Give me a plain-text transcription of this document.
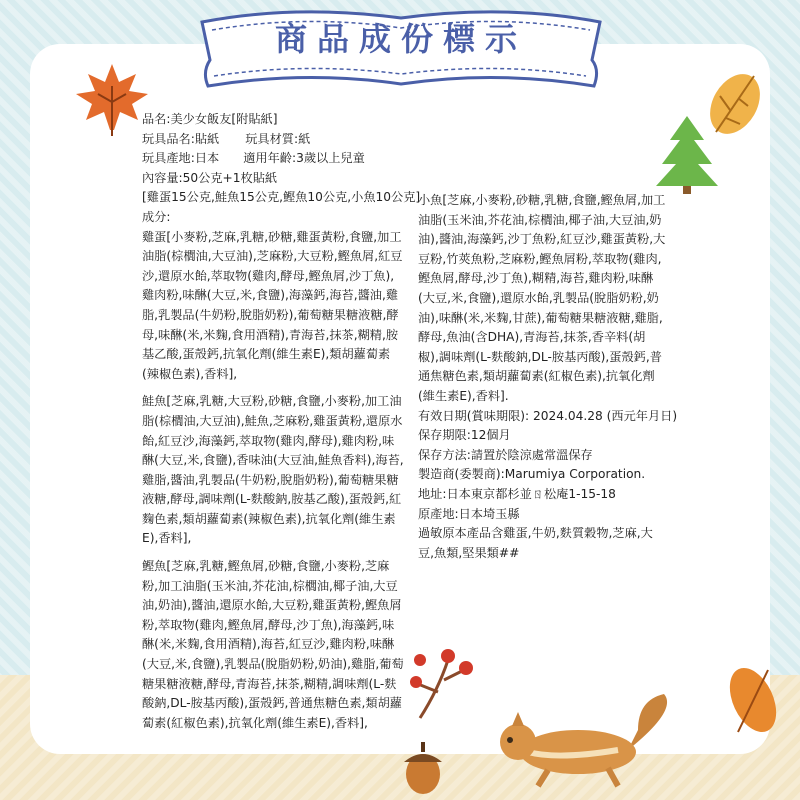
商品成份標示
品名:美少女飯友[附貼紙]
玩具品名:貼紙 玩具材質:紙
玩具產地:日本 適用年齡:3歲以上兒童
內容量:50公克+1枚貼紙
[雞蛋15公克,鮭魚15公克,鰹魚10公克,小魚10公克]
成分:
雞蛋[小麥粉,芝麻,乳糖,砂糖,雞蛋黃粉,食鹽,加工油脂(棕櫚油,大豆油),芝麻粉,大豆粉,鰹魚屑,紅豆沙,還原水飴,萃取物(雞肉,酵母,鰹魚屑,沙丁魚),雞肉粉,味醂(大豆,米,食鹽),海藻鈣,海苔,醬油,雞脂,乳製品(牛奶粉,脫脂奶粉),葡萄糖果糖液糖,酵母,味醂(米,米麴,食用酒精),青海苔,抹茶,糊精,胺基乙酸,蛋殼鈣,抗氧化劑(維生素E),類胡蘿蔔素(辣椒色素),香料],
鮭魚[芝麻,乳糖,大豆粉,砂糖,食鹽,小麥粉,加工油脂(棕櫚油,大豆油),鮭魚,芝麻粉,雞蛋黃粉,還原水飴,紅豆沙,海藻鈣,萃取物(雞肉,酵母),雞肉粉,味醂(大豆,米,食鹽),香味油(大豆油,鮭魚香料),海苔,雞脂,醬油,乳製品(牛奶粉,脫脂奶粉),葡萄糖果糖液糖,酵母,調味劑(L-麩酸鈉,胺基乙酸),蛋殼鈣,紅麴色素,類胡蘿蔔素(辣椒色素),抗氧化劑(維生素E),香料],
鰹魚[芝麻,乳糖,鰹魚屑,砂糖,食鹽,小麥粉,芝麻粉,加工油脂(玉米油,芥花油,棕櫚油,椰子油,大豆油,奶油),醬油,還原水飴,大豆粉,雞蛋黃粉,鰹魚屑粉,萃取物(雞肉,鰹魚屑,酵母,沙丁魚),海藻鈣,味醂(米,米麴,食用酒精),海苔,紅豆沙,雞肉粉,味醂(大豆,米,食鹽),乳製品(脫脂奶粉,奶油),雞脂,葡萄糖果糖液糖,酵母,青海苔,抹茶,糊精,調味劑(L-麩酸鈉,DL-胺基丙酸),蛋殼鈣,普通焦糖色素,類胡蘿蔔素(紅椒色素),抗氧化劑(維生素E),香料],
小魚[芝麻,小麥粉,砂糖,乳糖,食鹽,鰹魚屑,加工油脂(玉米油,芥花油,棕櫚油,椰子油,大豆油,奶油),醬油,海藻鈣,沙丁魚粉,紅豆沙,雞蛋黃粉,大豆粉,竹莢魚粉,芝麻粉,鰹魚屑粉,萃取物(雞肉,鰹魚屑,酵母,沙丁魚),糊精,海苔,雞肉粉,味醂(大豆,米,食鹽),還原水飴,乳製品(脫脂奶粉,奶油),味醂(米,米麴,甘蔗),葡萄糖果糖液糖,雞脂,酵母,魚油(含DHA),青海苔,抹茶,香辛料(胡椒),調味劑(L-麩酸鈉,DL-胺基丙酸),蛋殼鈣,普通焦糖色素,類胡蘿蔔素(紅椒色素),抗氧化劑(維生素E),香料].
有效日期(賞味期限): 2024.04.28 (西元年月日)
保存期限:12個月
保存方法:請置於陰涼處常溫保存
製造商(委製商):Marumiya Corporation.
地址:日本東京都杉並ㄖ松庵1-15-18
原產地:日本埼玉縣
過敏原本產品含雞蛋,牛奶,麩質穀物,芝麻,大豆,魚類,堅果類##
